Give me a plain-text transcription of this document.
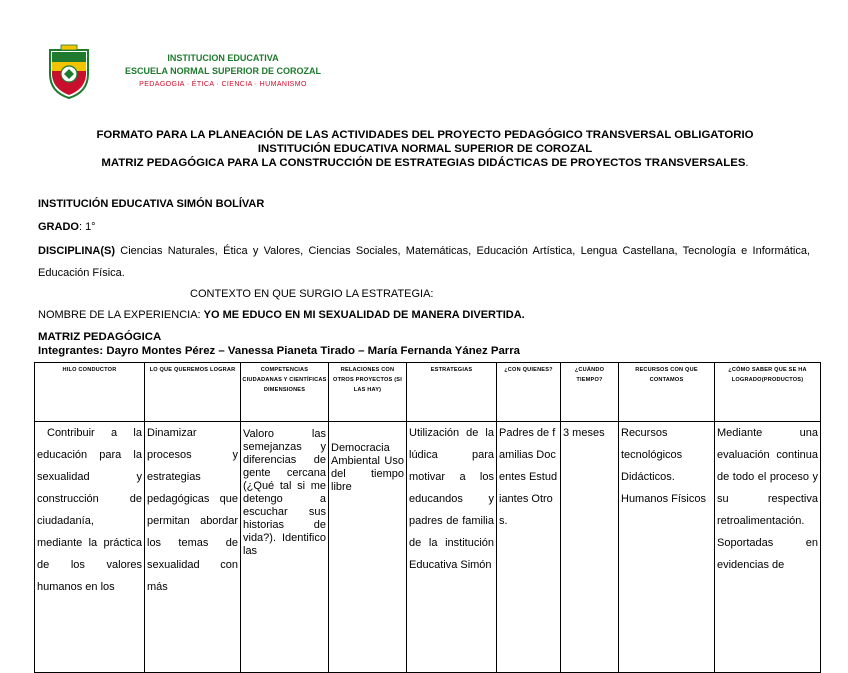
INSTITUCION EDUCATIVA
ESCUELA NORMAL SUPERIOR DE COROZAL
PEDAGOGIA · ÉTICA · CIENCIA · HUMANISMO
FORMATO PARA LA PLANEACIÓN DE LAS ACTIVIDADES DEL PROYECTO PEDAGÓGICO TRANSVERSAL OBLIGATORIO
INSTITUCIÓN EDUCATIVA NORMAL SUPERIOR DE COROZAL
MATRIZ PEDAGÓGICA PARA LA CONSTRUCCIÓN DE ESTRATEGIAS DIDÁCTICAS DE PROYECTOS TRANSVERSALES.
INSTITUCIÓN EDUCATIVA SIMÓN BOLÍVAR
GRADO: 1°
DISCIPLINA(S) Ciencias Naturales, Ética y Valores, Ciencias Sociales, Matemáticas, Educación Artística, Lengua Castellana, Tecnología e Informática, Educación Física.
CONTEXTO EN QUE SURGIO LA ESTRATEGIA:
NOMBRE DE LA EXPERIENCIA: YO ME EDUCO EN MI SEXUALIDAD DE MANERA DIVERTIDA.
MATRIZ PEDAGÓGICA
Integrantes: Dayro Montes Pérez – Vanessa Pianeta Tirado – María Fernanda Yánez Parra
HILO CONDUCTOR	LO QUE QUEREMOS LOGRAR	COMPETENCIAS CIUDADANAS Y CIENTÍFICAS DIMENSIONES	RELACIONES CON OTROS PROYECTOS (SI LAS HAY)	ESTRATEGIAS	¿CON QUIENES?	¿CUÁNDO TIEMPO?	RECURSOS CON QUE CONTAMOS	¿CÓMO SABER QUE SE HA LOGRADO(PRODUCTOS)
Contribuir a la educación para la sexualidad y construcción de ciudadanía, mediante la práctica de los valores humanos en los	Dinamizar procesos y estrategias pedagógicas que permitan abordar los temas de sexualidad con más	Valoro las semejanzas y diferencias de gente cercana (¿Qué tal si me detengo a escuchar sus historias de vida?). Identifico las	Democracia Ambiental Uso del tiempo libre	Utilización de la lúdica para motivar a los educandos y padres de familia de la institución Educativa Simón	Padres de familias Docentes Estudiantes Otros.	3 meses	Recursos tecnológicos Didácticos. Humanos Físicos	Mediante una evaluación continua de todo el proceso y su respectiva retroalimentación. Soportadas en evidencias de
